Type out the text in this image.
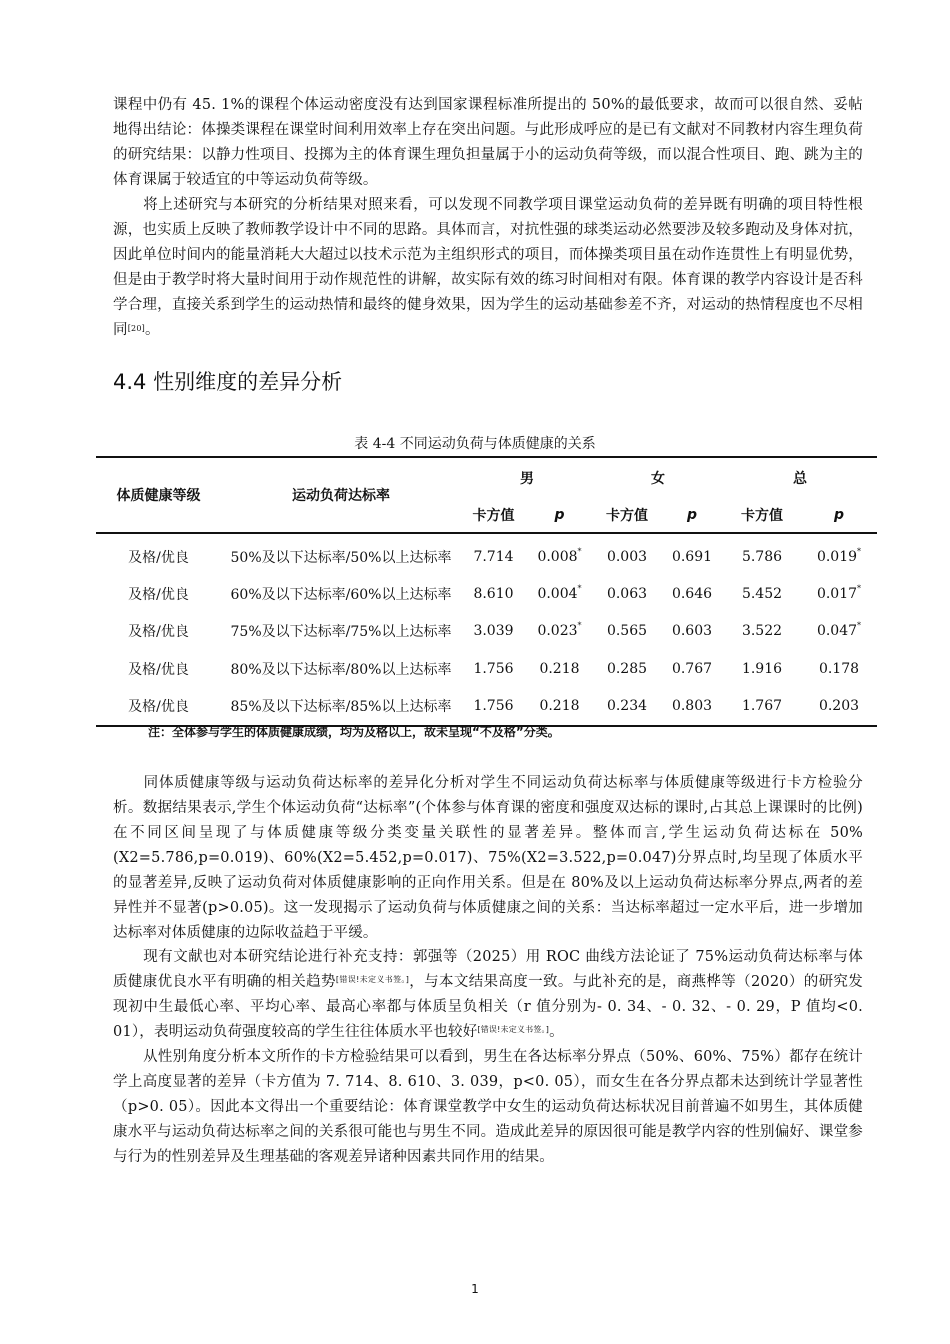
课程中仍有 45. 1%的课程个体运动密度没有达到国家课程标准所提出的 50%的最低要求，故而可以很自然、妥帖地得出结论：体操类课程在课堂时间利用效率上存在突出问题。与此形成呼应的是已有文献对不同教材内容生理负荷的研究结果：以静力性项目、投掷为主的体育课生理负担量属于小的运动负荷等级，而以混合性项目、跑、跳为主的体育课属于较适宜的中等运动负荷等级。

将上述研究与本研究的分析结果对照来看，可以发现不同教学项目课堂运动负荷的差异既有明确的项目特性根源，也实质上反映了教师教学设计中不同的思路。具体而言，对抗性强的球类运动必然要涉及较多跑动及身体对抗，因此单位时间内的能量消耗大大超过以技术示范为主组织形式的项目，而体操类项目虽在动作连贯性上有明显优势，但是由于教学时将大量时间用于动作规范性的讲解，故实际有效的练习时间相对有限。体育课的教学内容设计是否科学合理，直接关系到学生的运动热情和最终的健身效果，因为学生的运动基础参差不齐，对运动的热情程度也不尽相同[20]。

4.4 性别维度的差异分析
表 4-4 不同运动负荷与体质健康的关系
体质健康等级	运动负荷达标率	男		女		总	
		卡方值	p	卡方值	p	卡方值	p
及格/优良	50%及以下达标率/50%以上达标率	7.714	0.008*	0.003	0.691	5.786	0.019*
及格/优良	60%及以下达标率/60%以上达标率	8.610	0.004*	0.063	0.646	5.452	0.017*
及格/优良	75%及以下达标率/75%以上达标率	3.039	0.023*	0.565	0.603	3.522	0.047*
及格/优良	80%及以下达标率/80%以上达标率	1.756	0.218	0.285	0.767	1.916	0.178
及格/优良	85%及以下达标率/85%以上达标率	1.756	0.218	0.234	0.803	1.767	0.203
注：全体参与学生的体质健康成绩，均为及格以上，故未呈现“不及格”分类。

同体质健康等级与运动负荷达标率的差异化分析对学生不同运动负荷达标率与体质健康等级进行卡方检验分析。数据结果表示,学生个体运动负荷“达标率”(个体参与体育课的密度和强度双达标的课时,占其总上课课时的比例)在不同区间呈现了与体质健康等级分类变量关联性的显著差异。整体而言,学生运动负荷达标在 50%(X2=5.786,p=0.019)、60%(X2=5.452,p=0.017)、75%(X2=3.522,p=0.047)分界点时,均呈现了体质水平的显著差异,反映了运动负荷对体质健康影响的正向作用关系。但是在 80%及以上运动负荷达标率分界点,两者的差异性并不显著(p>0.05)。这一发现揭示了运动负荷与体质健康之间的关系：当达标率超过一定水平后，进一步增加达标率对体质健康的边际收益趋于平缓。

现有文献也对本研究结论进行补充支持：郭强等（2025）用 ROC 曲线方法论证了 75%运动负荷达标率与体质健康优良水平有明确的相关趋势[错误!未定义书签。]，与本文结果高度一致。与此补充的是，商燕桦等（2020）的研究发现初中生最低心率、平均心率、最高心率都与体质呈负相关（r 值分别为- 0. 34、- 0. 32、- 0. 29，P 值均<0. 01），表明运动负荷强度较高的学生往往体质水平也较好[错误!未定义书签。]。

从性别角度分析本文所作的卡方检验结果可以看到，男生在各达标率分界点（50%、60%、75%）都存在统计学上高度显著的差异（卡方值为 7. 714、8. 610、3. 039，p<0. 05），而女生在各分界点都未达到统计学显著性（p>0. 05）。因此本文得出一个重要结论：体育课堂教学中女生的运动负荷达标状况目前普遍不如男生，其体质健康水平与运动负荷达标率之间的关系很可能也与男生不同。造成此差异的原因很可能是教学内容的性别偏好、课堂参与行为的性别差异及生理基础的客观差异诸种因素共同作用的结果。

1
